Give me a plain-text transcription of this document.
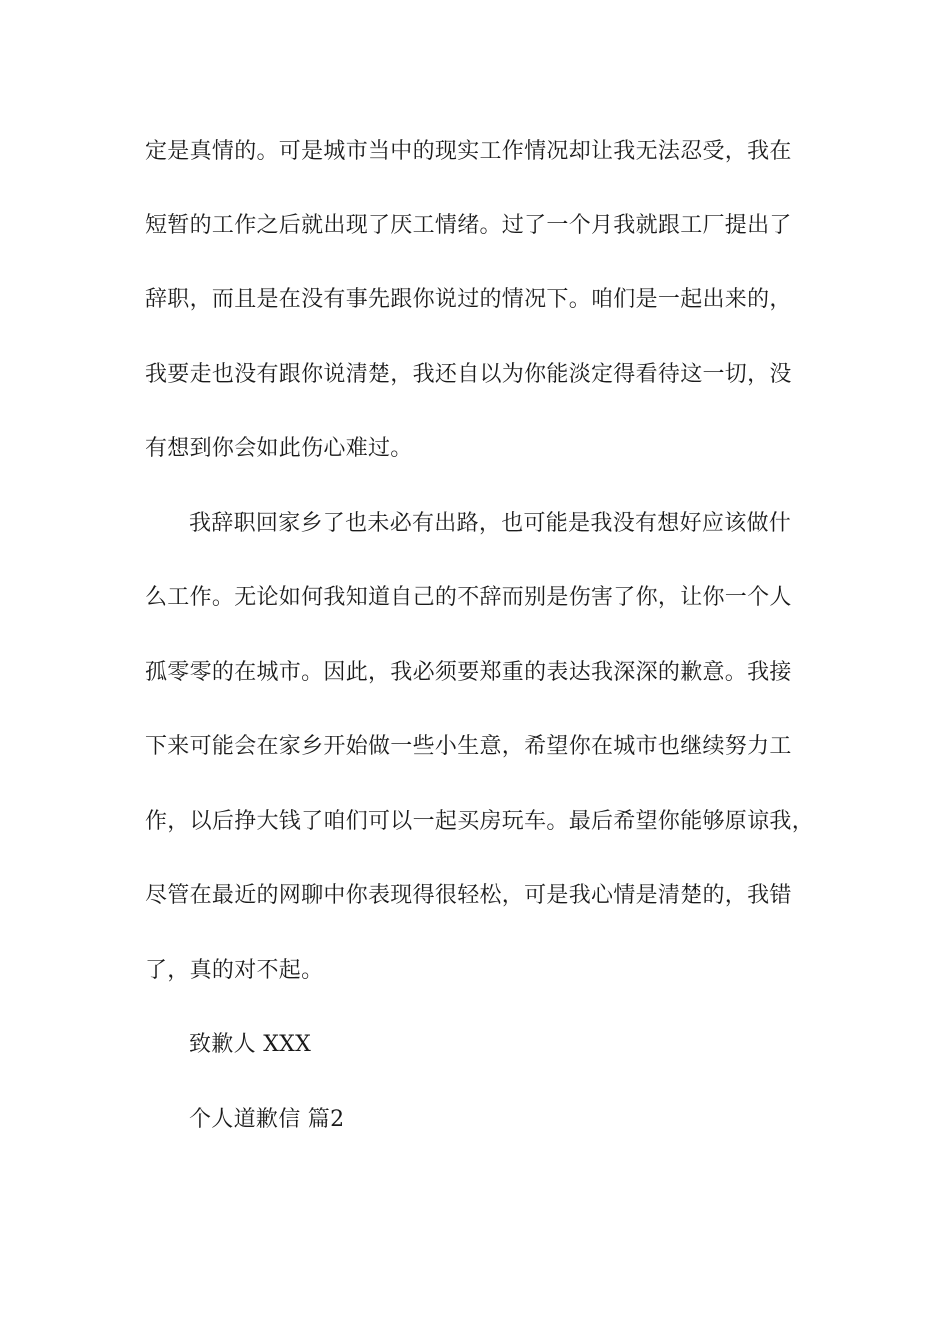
定是真情的。可是城市当中的现实工作情况却让我无法忍受，我在
短暂的工作之后就出现了厌工情绪。过了一个月我就跟工厂提出了
辞职，而且是在没有事先跟你说过的情况下。咱们是一起出来的，
我要走也没有跟你说清楚，我还自以为你能淡定得看待这一切，没
有想到你会如此伤心难过。
我辞职回家乡了也未必有出路，也可能是我没有想好应该做什
么工作。无论如何我知道自己的不辞而别是伤害了你，让你一个人
孤零零的在城市。因此，我必须要郑重的表达我深深的歉意。我接
下来可能会在家乡开始做一些小生意，希望你在城市也继续努力工
作，以后挣大钱了咱们可以一起买房玩车。最后希望你能够原谅我，
尽管在最近的网聊中你表现得很轻松，可是我心情是清楚的，我错
了，真的对不起。
致歉人 XXX
个人道歉信 篇2
